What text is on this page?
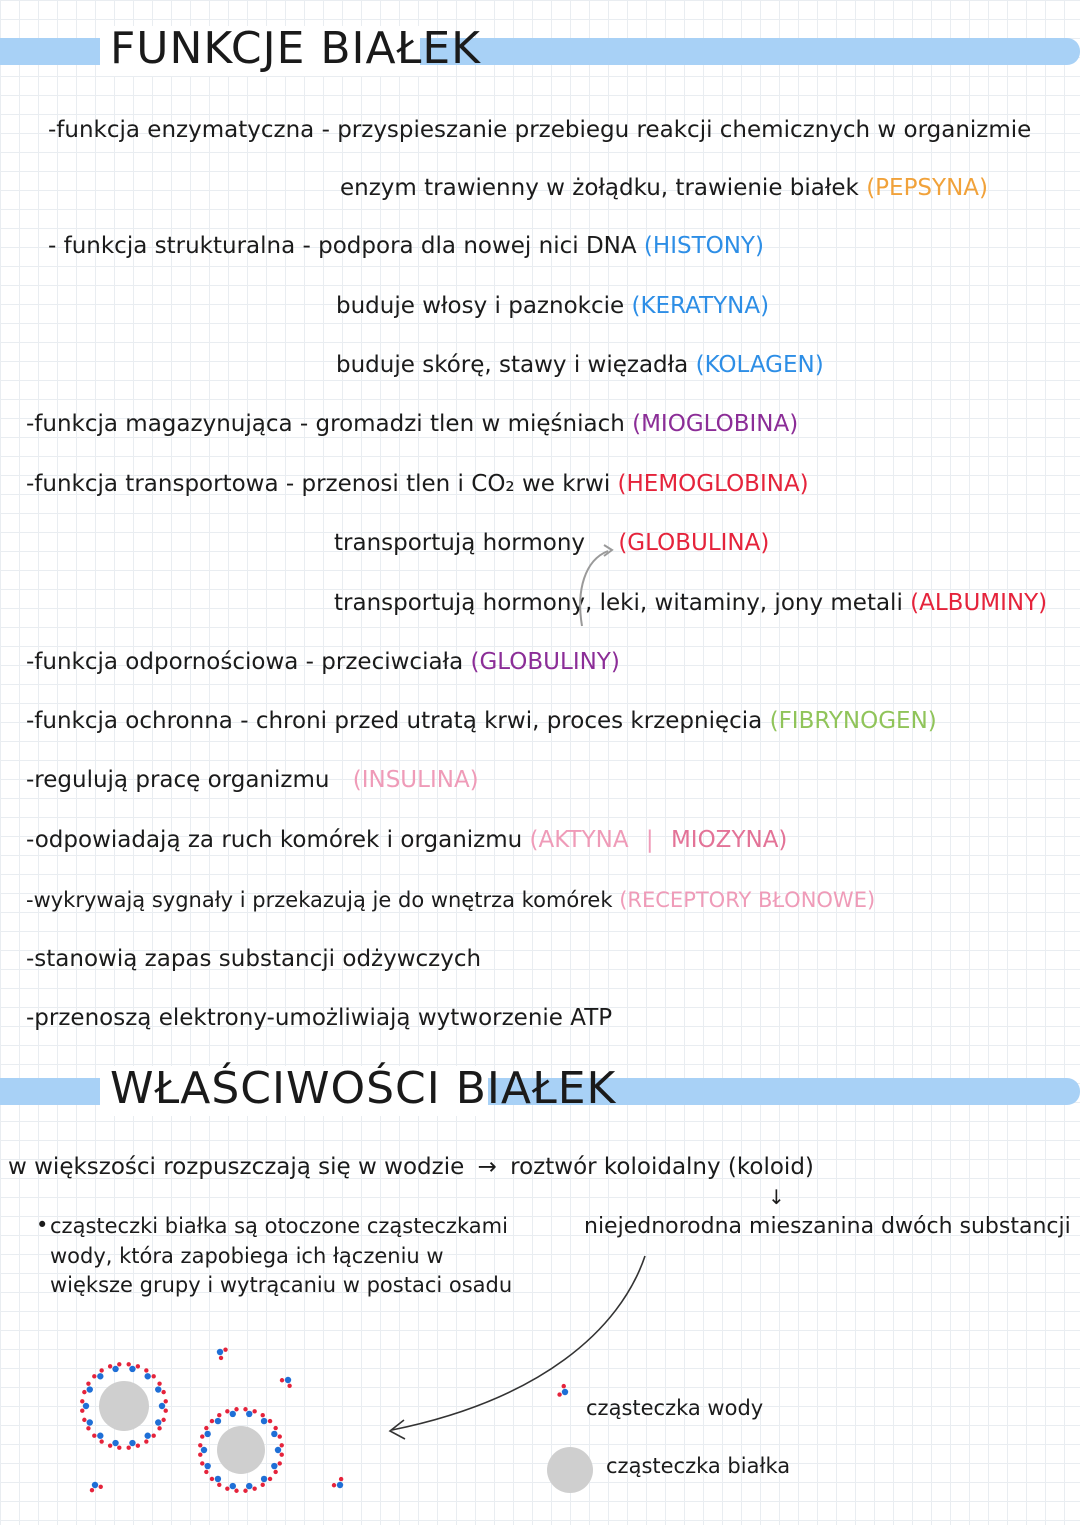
FUNKCJE BIAŁEK
-funkcja enzymatyczna - przyspieszanie przebiegu reakcji chemicznych w organizmie
enzym trawienny w żołądku, trawienie białek (PEPSYNA)
- funkcja strukturalna - podpora dla nowej nici DNA (HISTONY)
buduje włosy i paznokcie (KERATYNA)
buduje skórę, stawy i więzadła (KOLAGEN)
-funkcja magazynująca - gromadzi tlen w mięśniach (MIOGLOBINA)
-funkcja transportowa - przenosi tlen i CO₂ we krwi (HEMOGLOBINA)
transportują hormony (GLOBULINA)
transportują hormony, leki, witaminy, jony metali (ALBUMINY)
-funkcja odpornościowa - przeciwciała (GLOBULINY)
-funkcja ochronna - chroni przed utratą krwi, proces krzepnięcia (FIBRYNOGEN)
-regulują pracę organizmu (INSULINA)
-odpowiadają za ruch komórek i organizmu (AKTYNA | MIOZYNA)
-wykrywają sygnały i przekazują je do wnętrza komórek (RECEPTORY BŁONOWE)
-stanowią zapas substancji odżywczych
-przenoszą elektrony-umożliwiają wytworzenie ATP
WŁAŚCIWOŚCI BIAŁEK
w większości rozpuszczają się w wodzie → roztwór koloidalny (koloid)
↓
niejednorodna mieszanina dwóch substancji
• cząsteczki białka są otoczone cząsteczkami
wody, która zapobiega ich łączeniu w
większe grupy i wytrącaniu w postaci osadu
cząsteczka wody
cząsteczka białka
